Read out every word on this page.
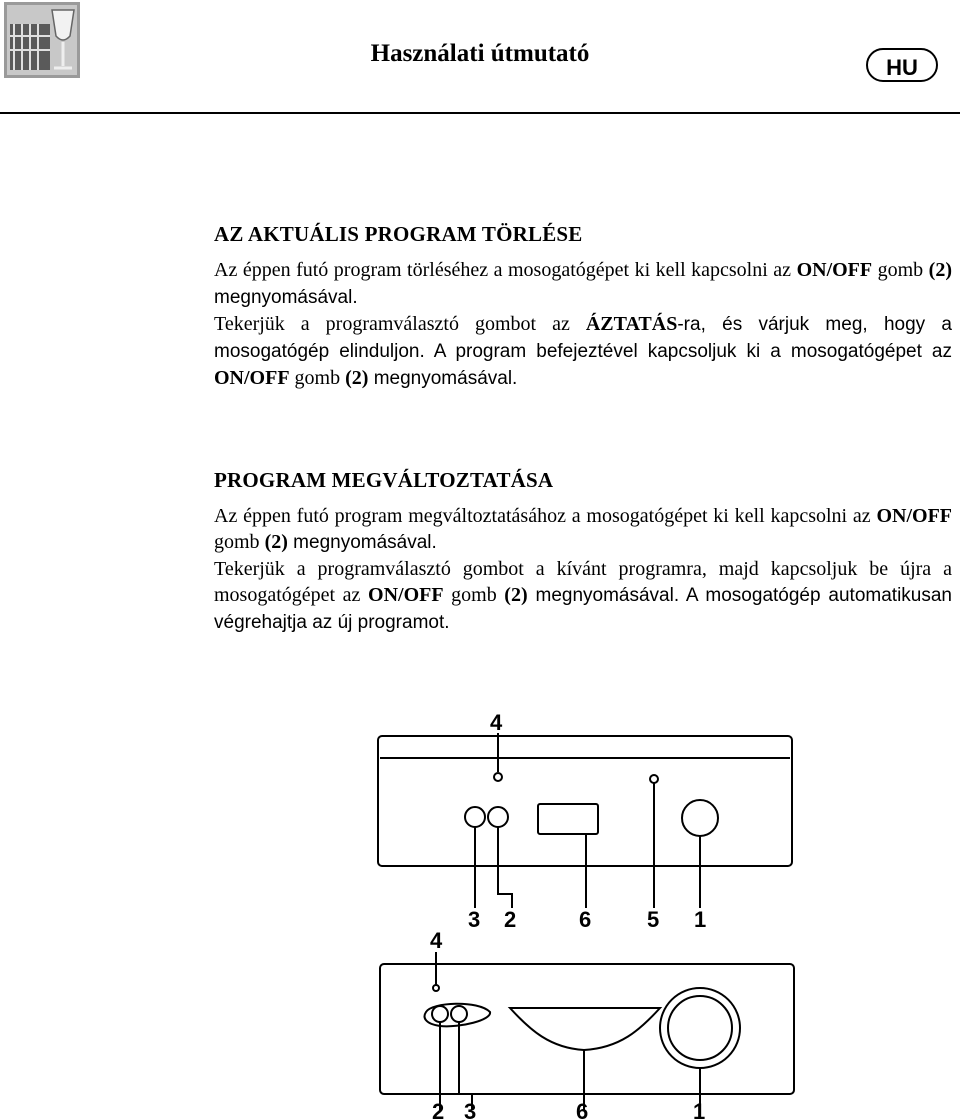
Használati útmutató
HU
AZ AKTUÁLIS PROGRAM TÖRLÉSE

Az éppen futó program törléséhez a mosogatógépet ki kell kapcsolni az ON/OFF gomb (2) megnyomásával.

Tekerjük a programválasztó gombot az ÁZTATÁS-ra, és várjuk meg, hogy a mosogatógép elinduljon. A program befejeztével kapcsoljuk ki a mosogatógépet az ON/OFF gomb (2) megnyomásával.

PROGRAM MEGVÁLTOZTATÁSA

Az éppen futó program megváltoztatásához a mosogatógépet ki kell kapcsolni az ON/OFF gomb (2) megnyomásával.

Tekerjük a programválasztó gombot a kívánt programra, majd kapcsoljuk be újra a mosogatógépet az ON/OFF gomb (2) megnyomásával. A mosogatógép automatikusan végrehajtja az új programot.

4
3 2	6	5 1
4
2 3	6	1
